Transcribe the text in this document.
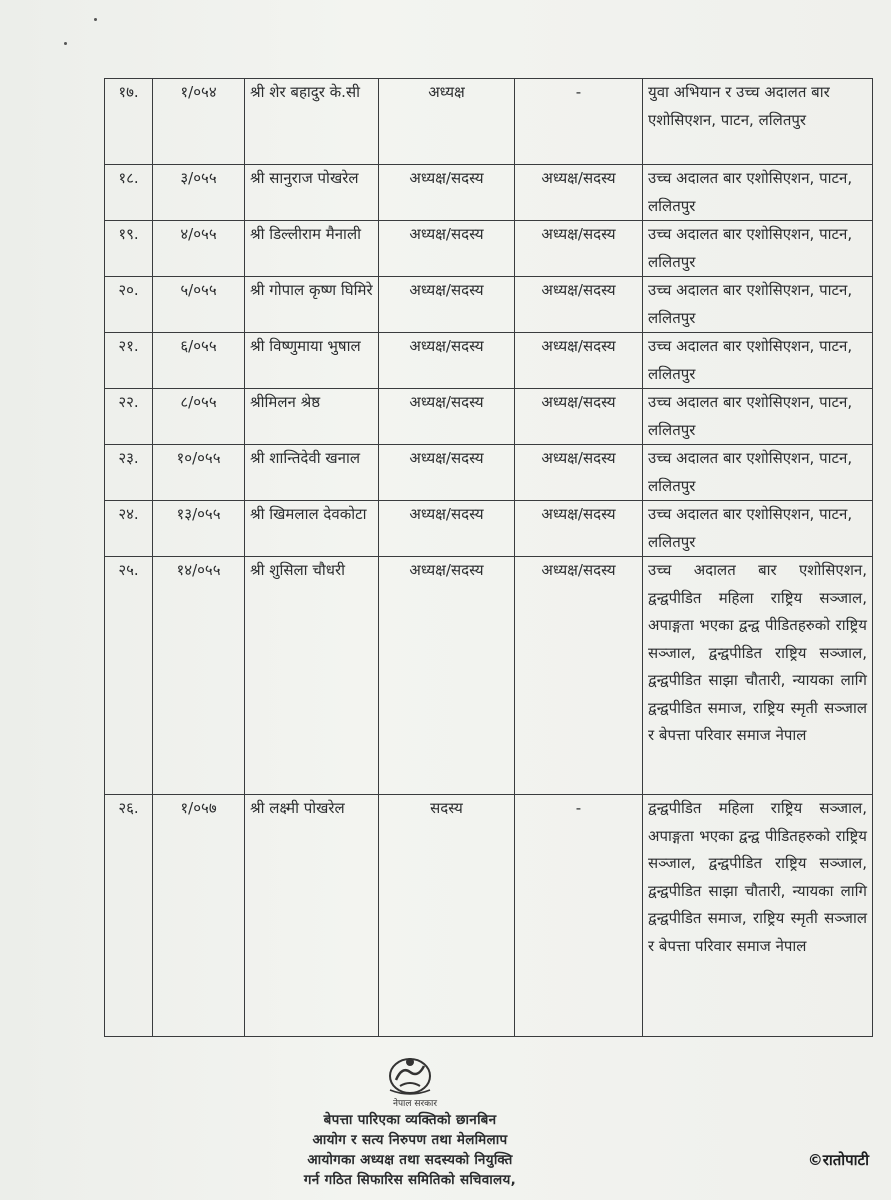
१७.	१/०५४	श्री शेर बहादुर के.सी	अध्यक्ष	-	युवा अभियान र उच्च अदालत बार एशोसिएशन, पाटन, ललितपुर
१८.	३/०५५	श्री सानुराज पोखरेल	अध्यक्ष/सदस्य	अध्यक्ष/सदस्य	उच्च अदालत बार एशोसिएशन, पाटन, ललितपुर
१९.	४/०५५	श्री डिल्लीराम मैनाली	अध्यक्ष/सदस्य	अध्यक्ष/सदस्य	उच्च अदालत बार एशोसिएशन, पाटन, ललितपुर
२०.	५/०५५	श्री गोपाल कृष्ण घिमिरे	अध्यक्ष/सदस्य	अध्यक्ष/सदस्य	उच्च अदालत बार एशोसिएशन, पाटन, ललितपुर
२१.	६/०५५	श्री विष्णुमाया भुषाल	अध्यक्ष/सदस्य	अध्यक्ष/सदस्य	उच्च अदालत बार एशोसिएशन, पाटन, ललितपुर
२२.	८/०५५	श्रीमिलन श्रेष्ठ	अध्यक्ष/सदस्य	अध्यक्ष/सदस्य	उच्च अदालत बार एशोसिएशन, पाटन, ललितपुर
२३.	१०/०५५	श्री शान्तिदेवी खनाल	अध्यक्ष/सदस्य	अध्यक्ष/सदस्य	उच्च अदालत बार एशोसिएशन, पाटन, ललितपुर
२४.	१३/०५५	श्री खिमलाल देवकोटा	अध्यक्ष/सदस्य	अध्यक्ष/सदस्य	उच्च अदालत बार एशोसिएशन, पाटन, ललितपुर
२५.	१४/०५५	श्री शुसिला चौधरी	अध्यक्ष/सदस्य	अध्यक्ष/सदस्य	उच्च अदालत बार एशोसिएशन, द्वन्द्वपीडित महिला राष्ट्रिय सञ्जाल, अपाङ्गता भएका द्वन्द्व पीडितहरुको राष्ट्रिय सञ्जाल, द्वन्द्वपीडित राष्ट्रिय सञ्जाल, द्वन्द्वपीडित साझा चौतारी, न्यायका लागि द्वन्द्वपीडित समाज, राष्ट्रिय स्मृती सञ्जाल र बेपत्ता परिवार समाज नेपाल
२६.	१/०५७	श्री लक्ष्मी पोखरेल	सदस्य	-	द्वन्द्वपीडित महिला राष्ट्रिय सञ्जाल, अपाङ्गता भएका द्वन्द्व पीडितहरुको राष्ट्रिय सञ्जाल, द्वन्द्वपीडित राष्ट्रिय सञ्जाल, द्वन्द्वपीडित साझा चौतारी, न्यायका लागि द्वन्द्वपीडित समाज, राष्ट्रिय स्मृती सञ्जाल र बेपत्ता परिवार समाज नेपाल
नेपाल सरकार
बेपत्ता पारिएका व्यक्तिको छानबिन
आयोग र सत्य निरुपण तथा मेलमिलाप
आयोगका अध्यक्ष तथा सदस्यको नियुक्ति
गर्न गठित सिफारिस समितिको सचिवालय,
©रातोपाटी
